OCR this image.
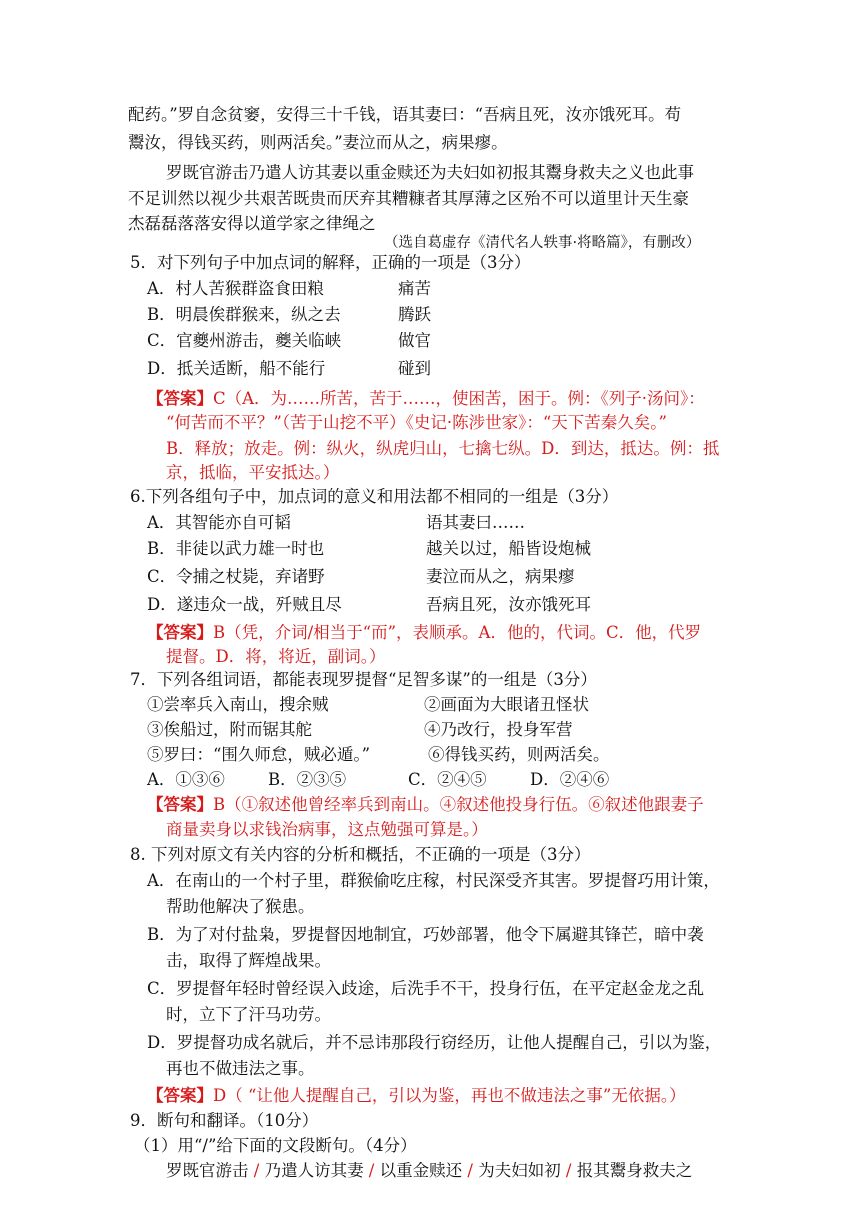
配药。”罗自念贫窭，安得三十千钱，语其妻曰：“吾病且死，汝亦饿死耳。苟
鬻汝，得钱买药，则两活矣。”妻泣而从之，病果瘳。
罗既官游击乃遣人访其妻以重金赎还为夫妇如初报其鬻身救夫之义也此事
不足训然以视少共艰苦既贵而厌弃其糟糠者其厚薄之区殆不可以道里计天生豪
杰磊磊落落安得以道学家之律绳之
（选自葛虚存《清代名人轶事·将略篇》，有删改）
5．对下列句子中加点词的解释，正确的一项是（3分）
A．村人苦猴群盗食田粮	痛苦
B．明晨俟群猴来，纵之去	腾跃
C．官夔州游击，夔关临峡	做官
D．抵关适断，船不能行	碰到
【答案】C（A．为……所苦，苦于……，使困苦，困于。例：《列子·汤问》：
“何苦而不平？”（苦于山挖不平）《史记·陈涉世家》：“天下苦秦久矣。”
B．释放；放走。例：纵火，纵虎归山，七擒七纵。D．到达，抵达。例：抵
京，抵临，平安抵达。）
6.下列各组句子中，加点词的意义和用法都不相同的一组是（3分）
A．其智能亦自可韬	语其妻曰……
B．非徒以武力雄一时也	越关以过，船皆设炮械
C．令捕之杖毙，弃诸野	妻泣而从之，病果瘳
D．遂违众一战，歼贼且尽	吾病且死，汝亦饿死耳
【答案】B（凭，介词/相当于“而”，表顺承。A．他的，代词。C．他，代罗
提督。D．将，将近，副词。）
7．下列各组词语，都能表现罗提督“足智多谋”的一组是（3分）
①尝率兵入南山，搜余贼	②画面为大眼诸丑怪状
③俟船过，附而锯其舵	④乃改行，投身军营
⑤罗曰：“围久师怠，贼必遁。”	⑥得钱买药，则两活矣。
A．①③⑥	B．②③⑤	C．②④⑤	D．②④⑥
【答案】B（①叙述他曾经率兵到南山。④叙述他投身行伍。⑥叙述他跟妻子
商量卖身以求钱治病事，这点勉强可算是。）
8. 下列对原文有关内容的分析和概括，不正确的一项是（3分）
A．在南山的一个村子里，群猴偷吃庄稼，村民深受齐其害。罗提督巧用计策，
帮助他解决了猴患。
B．为了对付盐枭，罗提督因地制宜，巧妙部署，他令下属避其锋芒，暗中袭
击，取得了辉煌战果。
C．罗提督年轻时曾经误入歧途，后洗手不干，投身行伍，在平定赵金龙之乱
时，立下了汗马功劳。
D．罗提督功成名就后，并不忌讳那段行窃经历，让他人提醒自己，引以为鉴，
再也不做违法之事。
【答案】D（ “让他人提醒自己，引以为鉴，再也不做违法之事”无依据。）
9．断句和翻译。（10分）
（1）用“/”给下面的文段断句。（4分）
罗既官游击 / 乃遣人访其妻 / 以重金赎还 / 为夫妇如初 / 报其鬻身救夫之
